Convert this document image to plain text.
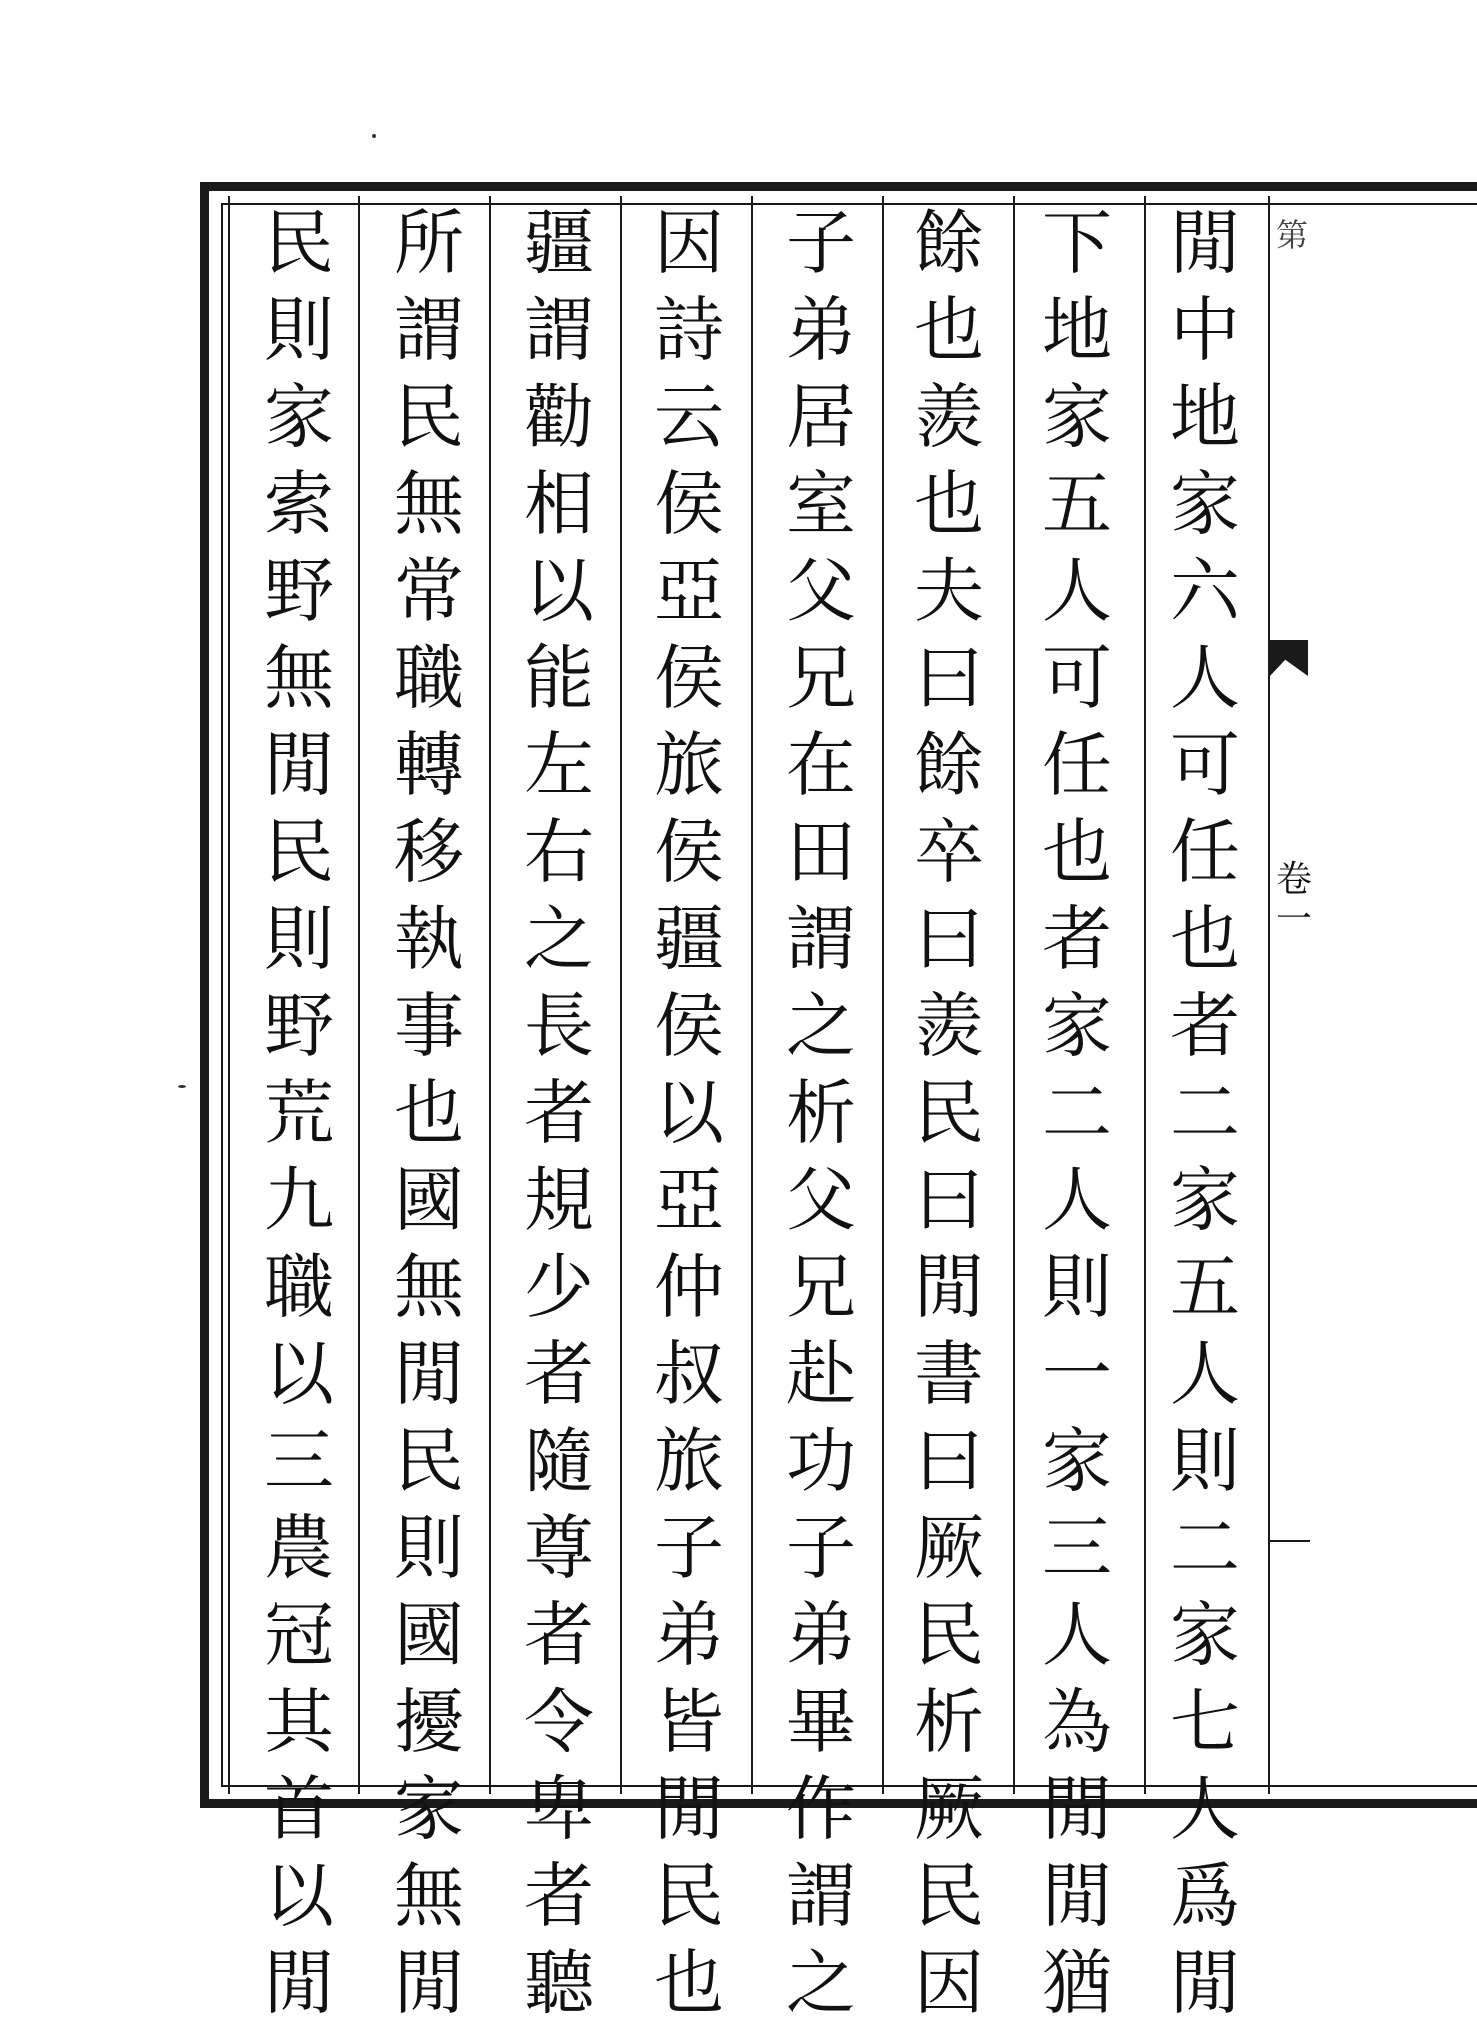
閒
中
地
家
六
人
可
任
也
者
二
家
五
人
則
二
家
七
人
爲
閒
下
地
家
五
人
可
任
也
者
家
二
人
則
一
家
三
人
為
閒
閒
猶
餘
也
羨
也
夫
曰
餘
卒
曰
羨
民
曰
閒
書
曰
厥
民
析
厥
民
因
子
弟
居
室
父
兄
在
田
謂
之
析
父
兄
赴
功
子
弟
畢
作
謂
之
因
詩
云
侯
亞
侯
旅
侯
疆
侯
以
亞
仲
叔
旅
子
弟
皆
閒
民
也
疆
謂
勸
相
以
能
左
右
之
長
者
規
少
者
隨
尊
者
令
卑
者
聽
所
謂
民
無
常
職
轉
移
執
事
也
國
無
閒
民
則
國
擾
家
無
閒
民
則
家
索
野
無
閒
民
則
野
荒
九
職
以
三
農
冠
其
首
以
閒
第
卷
一
